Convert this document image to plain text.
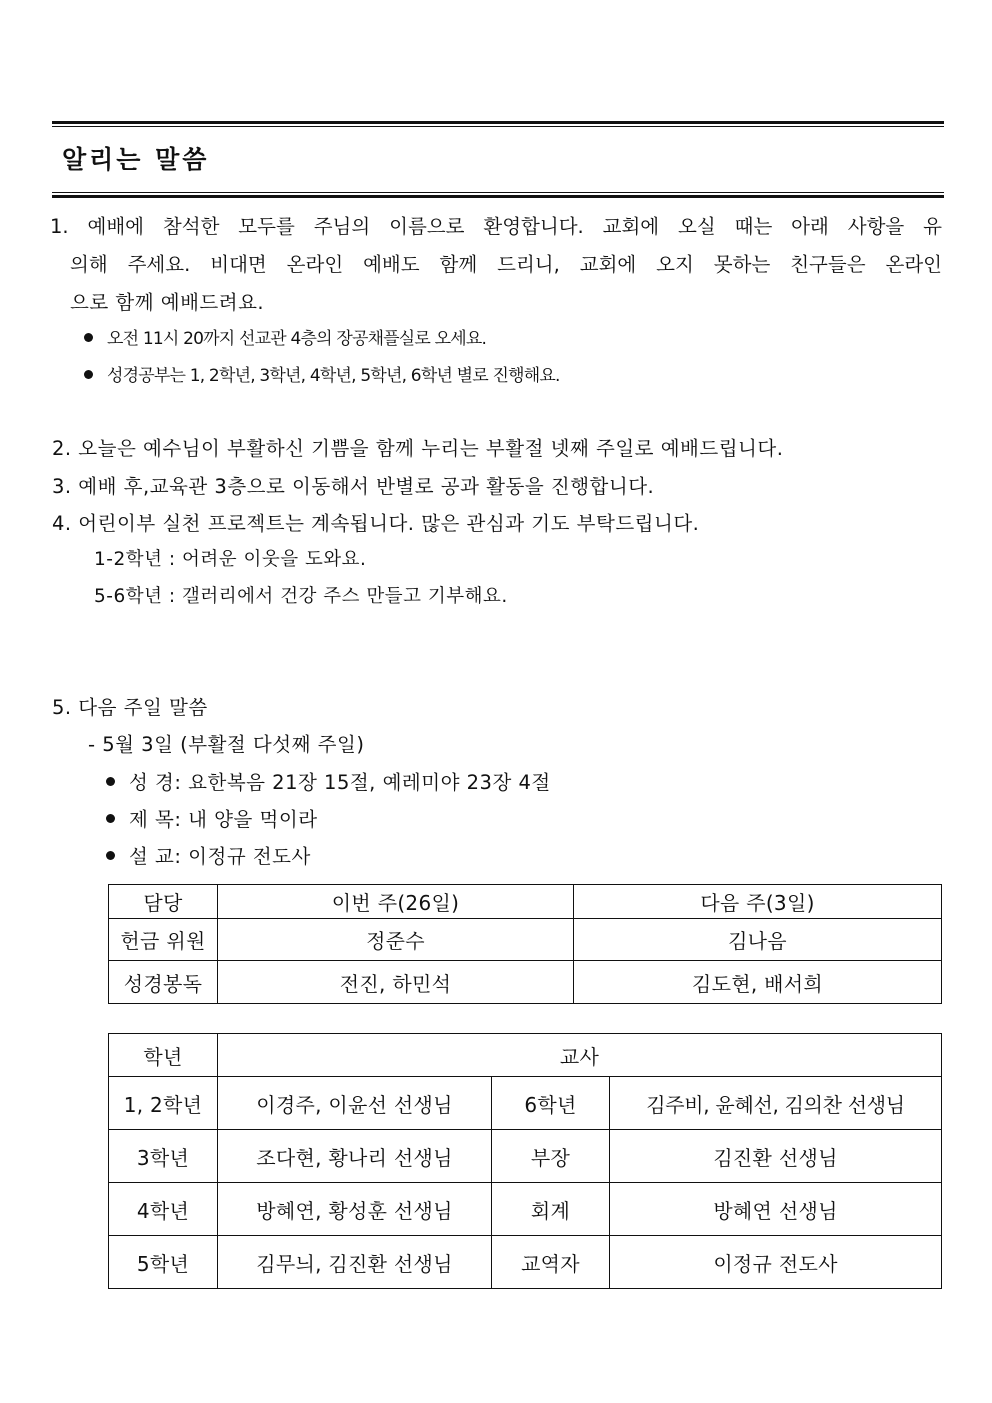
알리는 말씀
1. 예배에 참석한 모두를 주님의 이름으로 환영합니다. 교회에 오실 때는 아래 사항을 유
의해 주세요. 비대면 온라인 예배도 함께 드리니, 교회에 오지 못하는 친구들은 온라인
으로 함께 예배드려요.
오전 11시 20까지 선교관 4층의 장공채플실로 오세요.
성경공부는 1, 2학년, 3학년, 4학년, 5학년, 6학년 별로 진행해요.
2. 오늘은 예수님이 부활하신 기쁨을 함께 누리는 부활절 넷째 주일로 예배드립니다.
3. 예배 후,교육관 3층으로 이동해서 반별로 공과 활동을 진행합니다.
4. 어린이부 실천 프로젝트는 계속됩니다. 많은 관심과 기도 부탁드립니다.
1-2학년 : 어려운 이웃을 도와요.
5-6학년 : 갤러리에서 건강 주스 만들고 기부해요.
5. 다음 주일 말씀
- 5월 3일 (부활절 다섯째 주일)
성 경: 요한복음 21장 15절, 예레미야 23장 4절
제 목: 내 양을 먹이라
설 교: 이정규 전도사
담당	이번 주(26일)	다음 주(3일)
헌금 위원	정준수	김나음
성경봉독	전진, 하민석	김도현, 배서희
학년	교사		
1, 2학년	이경주, 이윤선 선생님	6학년	김주비, 윤혜선, 김의찬 선생님
3학년	조다현, 황나리 선생님	부장	김진환 선생님
4학년	방혜연, 황성훈 선생님	회계	방혜연 선생님
5학년	김무늬, 김진환 선생님	교역자	이정규 전도사
